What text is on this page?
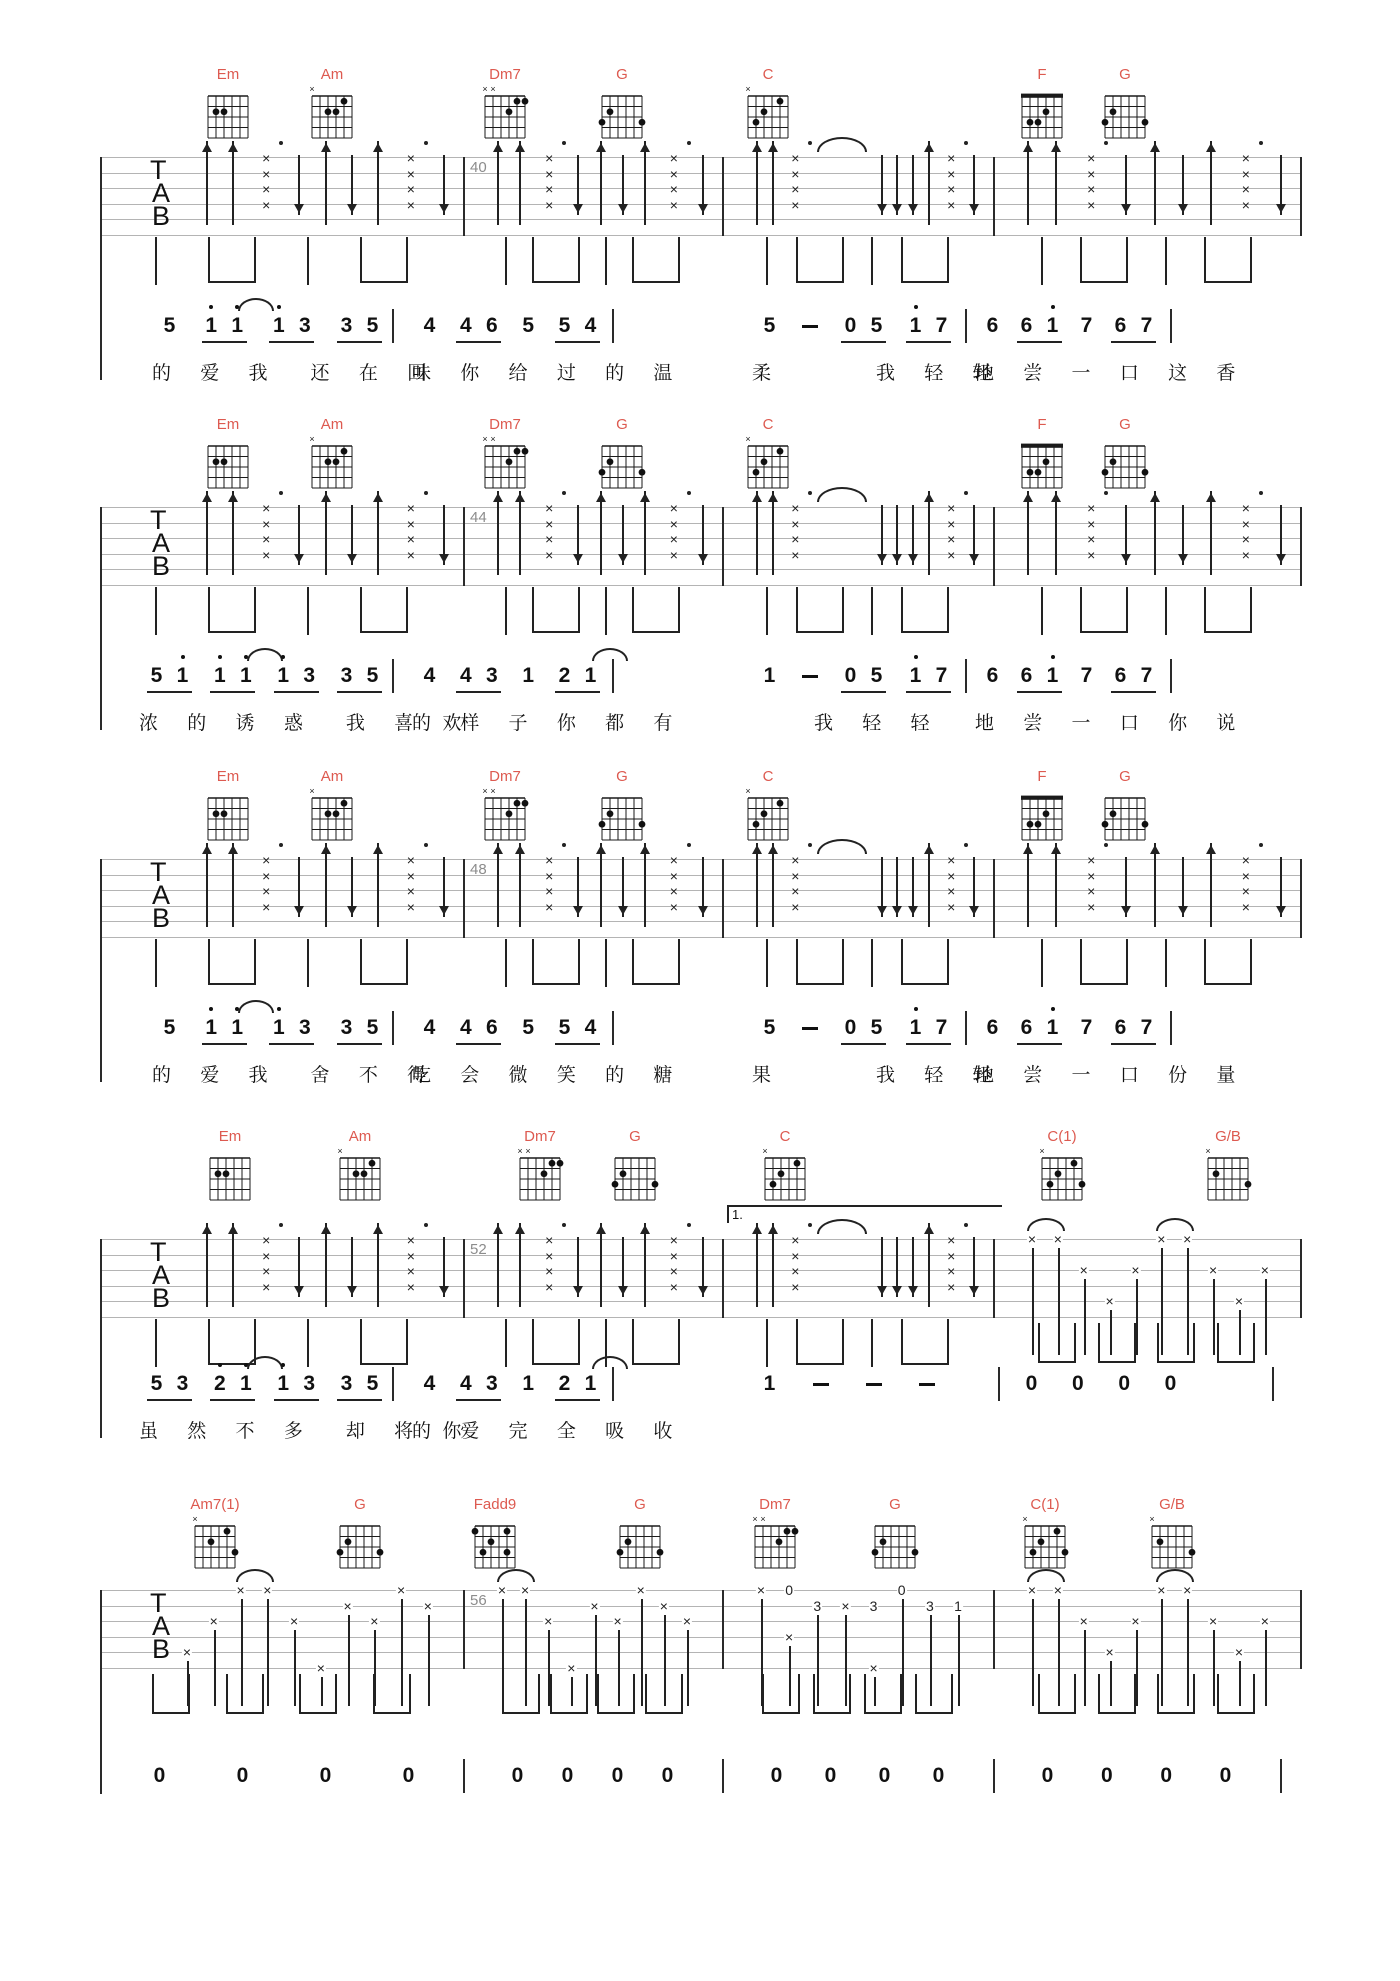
Em	Am
×
Dm7
× ×
G	C
×
F	G
T
A
B
40
×
×
×
×
×
×
×
×
×
×
×
×
×
×
×
×
×
×
×
×
×
×
×
×
×
×
×
×
×
×
×
×
5 1 1 1 3 3 5 4 4 6 5 5 4	5	0 5 1 7 6 6 1 7 6 7
的 爱 我　还 在 回
味 你 给 过 的 温	柔　　　我 轻 轻
地 尝 一 口 这 香
Em	Am
×
Dm7
× ×
G	C
×
F	G
T
A
B
44
×
×
×
×
×
×
×
×
×
×
×
×
×
×
×
×
×
×
×
×
×
×
×
×
×
×
×
×
×
×
×
×
5 1 1 1 1 3 3 5 4 4 3 1 2 1	1	0 5 1 7 6 6 1 7 6 7
浓 的 诱 惑　我 喜 欢
的 样 子 你 都 有	　　我 轻 轻 地 尝 一 口 你 说
Em	Am
×
Dm7
× ×
G	C
×
F	G
T
A
B
48
×
×
×
×
×
×
×
×
×
×
×
×
×
×
×
×
×
×
×
×
×
×
×
×
×
×
×
×
×
×
×
×
5 1 1 1 3 3 5 4 4 6 5 5 4	5	0 5 1 7 6 6 1 7 6 7
的 爱 我　舍 不 得
吃 会 微 笑 的 糖	果　　　我 轻 轻
地 尝 一 口 份 量
Em	Am
×
Dm7
× ×
G	C
×
C(1)
×
G/B
×
T
A
B
52
1.
×
×
×
×
×
×
×
×
×
×
×
×
×
×
×
×
×
×
×
×
×
×
×
×
× ×
×
×
×
× ×
×
×
×
5 3 2 1 1 3 3 5 4 4 3 1 2 1	1	0 0 0 0
虽 然 不 多　却 将 你
的 爱 完 全 吸 收
Am7(1)
×
G	Fadd9	G	Dm7
× ×
G	C(1)
×
G/B
×
T
A
B
56
×
×
× ×
×
×
×
×
×
×
× ×
×
×
×
×
×
×
×
× 0
×
3 × 3
×
0
3 1
× ×
×
×
×
× ×
×
×
×
0	0	0	0	0 0 0 0	0 0 0 0	0 0 0 0
